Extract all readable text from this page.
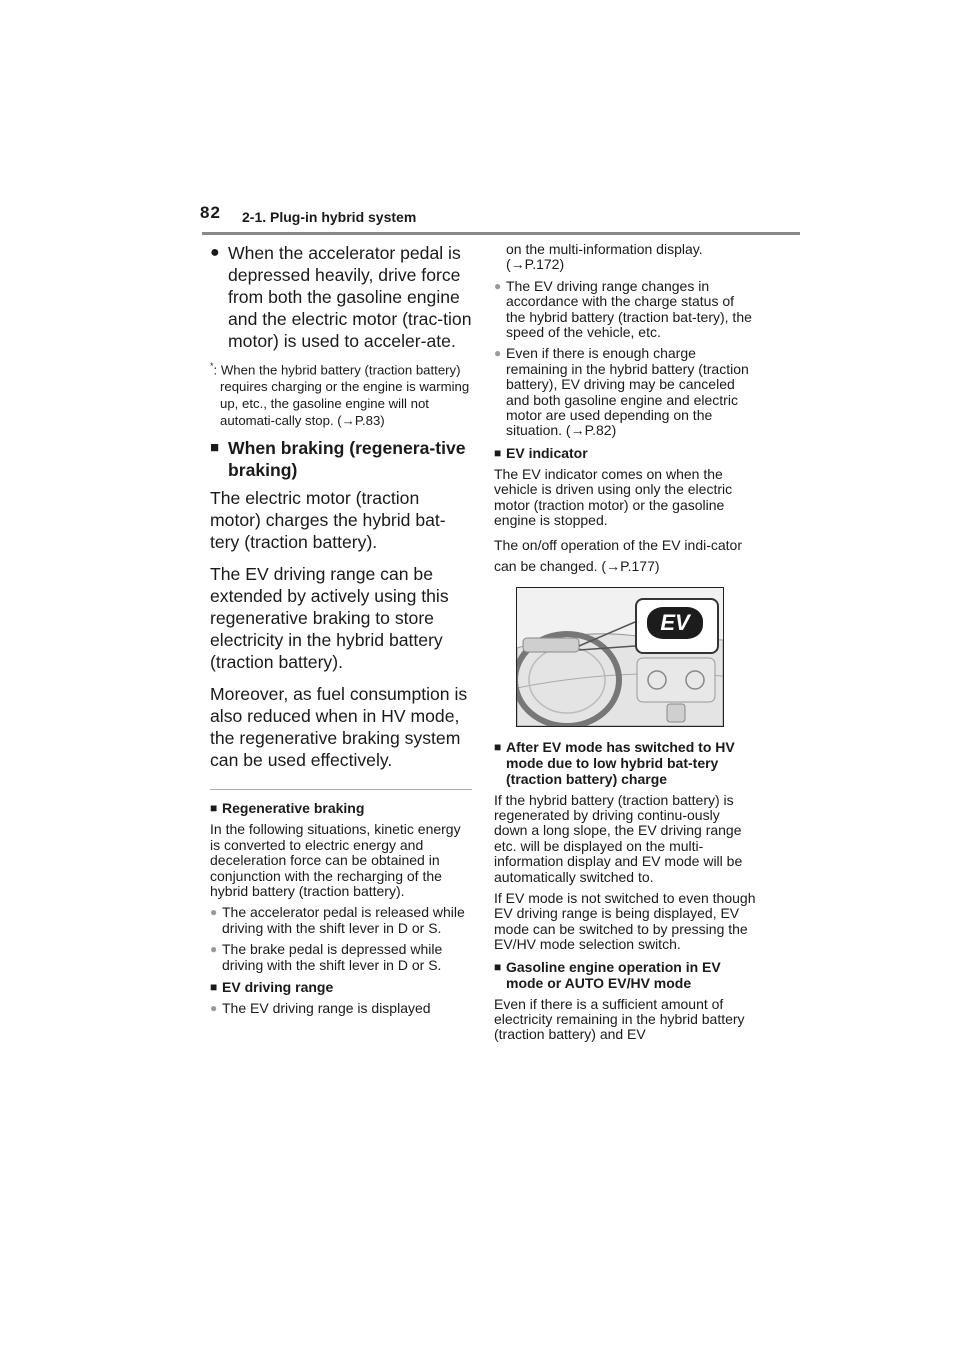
82 2-1. Plug-in hybrid system
● When the accelerator pedal is depressed heavily, drive force from both the gasoline engine and the electric motor (trac-tion motor) is used to acceler-ate.
*: When the hybrid battery (traction battery) requires charging or the engine is warming up, etc., the gasoline engine will not automati-cally stop. (→P.83)
■ When braking (regenera-tive braking)

The electric motor (traction motor) charges the hybrid bat-tery (traction battery).

The EV driving range can be extended by actively using this regenerative braking to store electricity in the hybrid battery (traction battery).

Moreover, as fuel consumption is also reduced when in HV mode, the regenerative braking system can be used effectively.

■ Regenerative braking

In the following situations, kinetic energy is converted to electric energy and deceleration force can be obtained in conjunction with the recharging of the hybrid battery (traction battery).

● The accelerator pedal is released while driving with the shift lever in D or S.
● The brake pedal is depressed while driving with the shift lever in D or S.
■ EV driving range
● The EV driving range is displayed

on the multi-information display. (→P.172)

● The EV driving range changes in accordance with the charge status of the hybrid battery (traction bat-tery), the speed of the vehicle, etc.
● Even if there is enough charge remaining in the hybrid battery (traction battery), EV driving may be canceled and both gasoline engine and electric motor are used depending on the situation. (→P.82)
■ EV indicator

The EV indicator comes on when the vehicle is driven using only the electric motor (traction motor) or the gasoline engine is stopped.

The on/off operation of the EV indi-cator can be changed. (→P.177)

EV
■ After EV mode has switched to HV mode due to low hybrid bat-tery (traction battery) charge

If the hybrid battery (traction battery) is regenerated by driving continu-ously down a long slope, the EV driving range etc. will be displayed on the multi-information display and EV mode will be automatically switched to.

If EV mode is not switched to even though EV driving range is being displayed, EV mode can be switched to by pressing the EV/HV mode selection switch.

■ Gasoline engine operation in EV mode or AUTO EV/HV mode

Even if there is a sufficient amount of electricity remaining in the hybrid battery (traction battery) and EV
